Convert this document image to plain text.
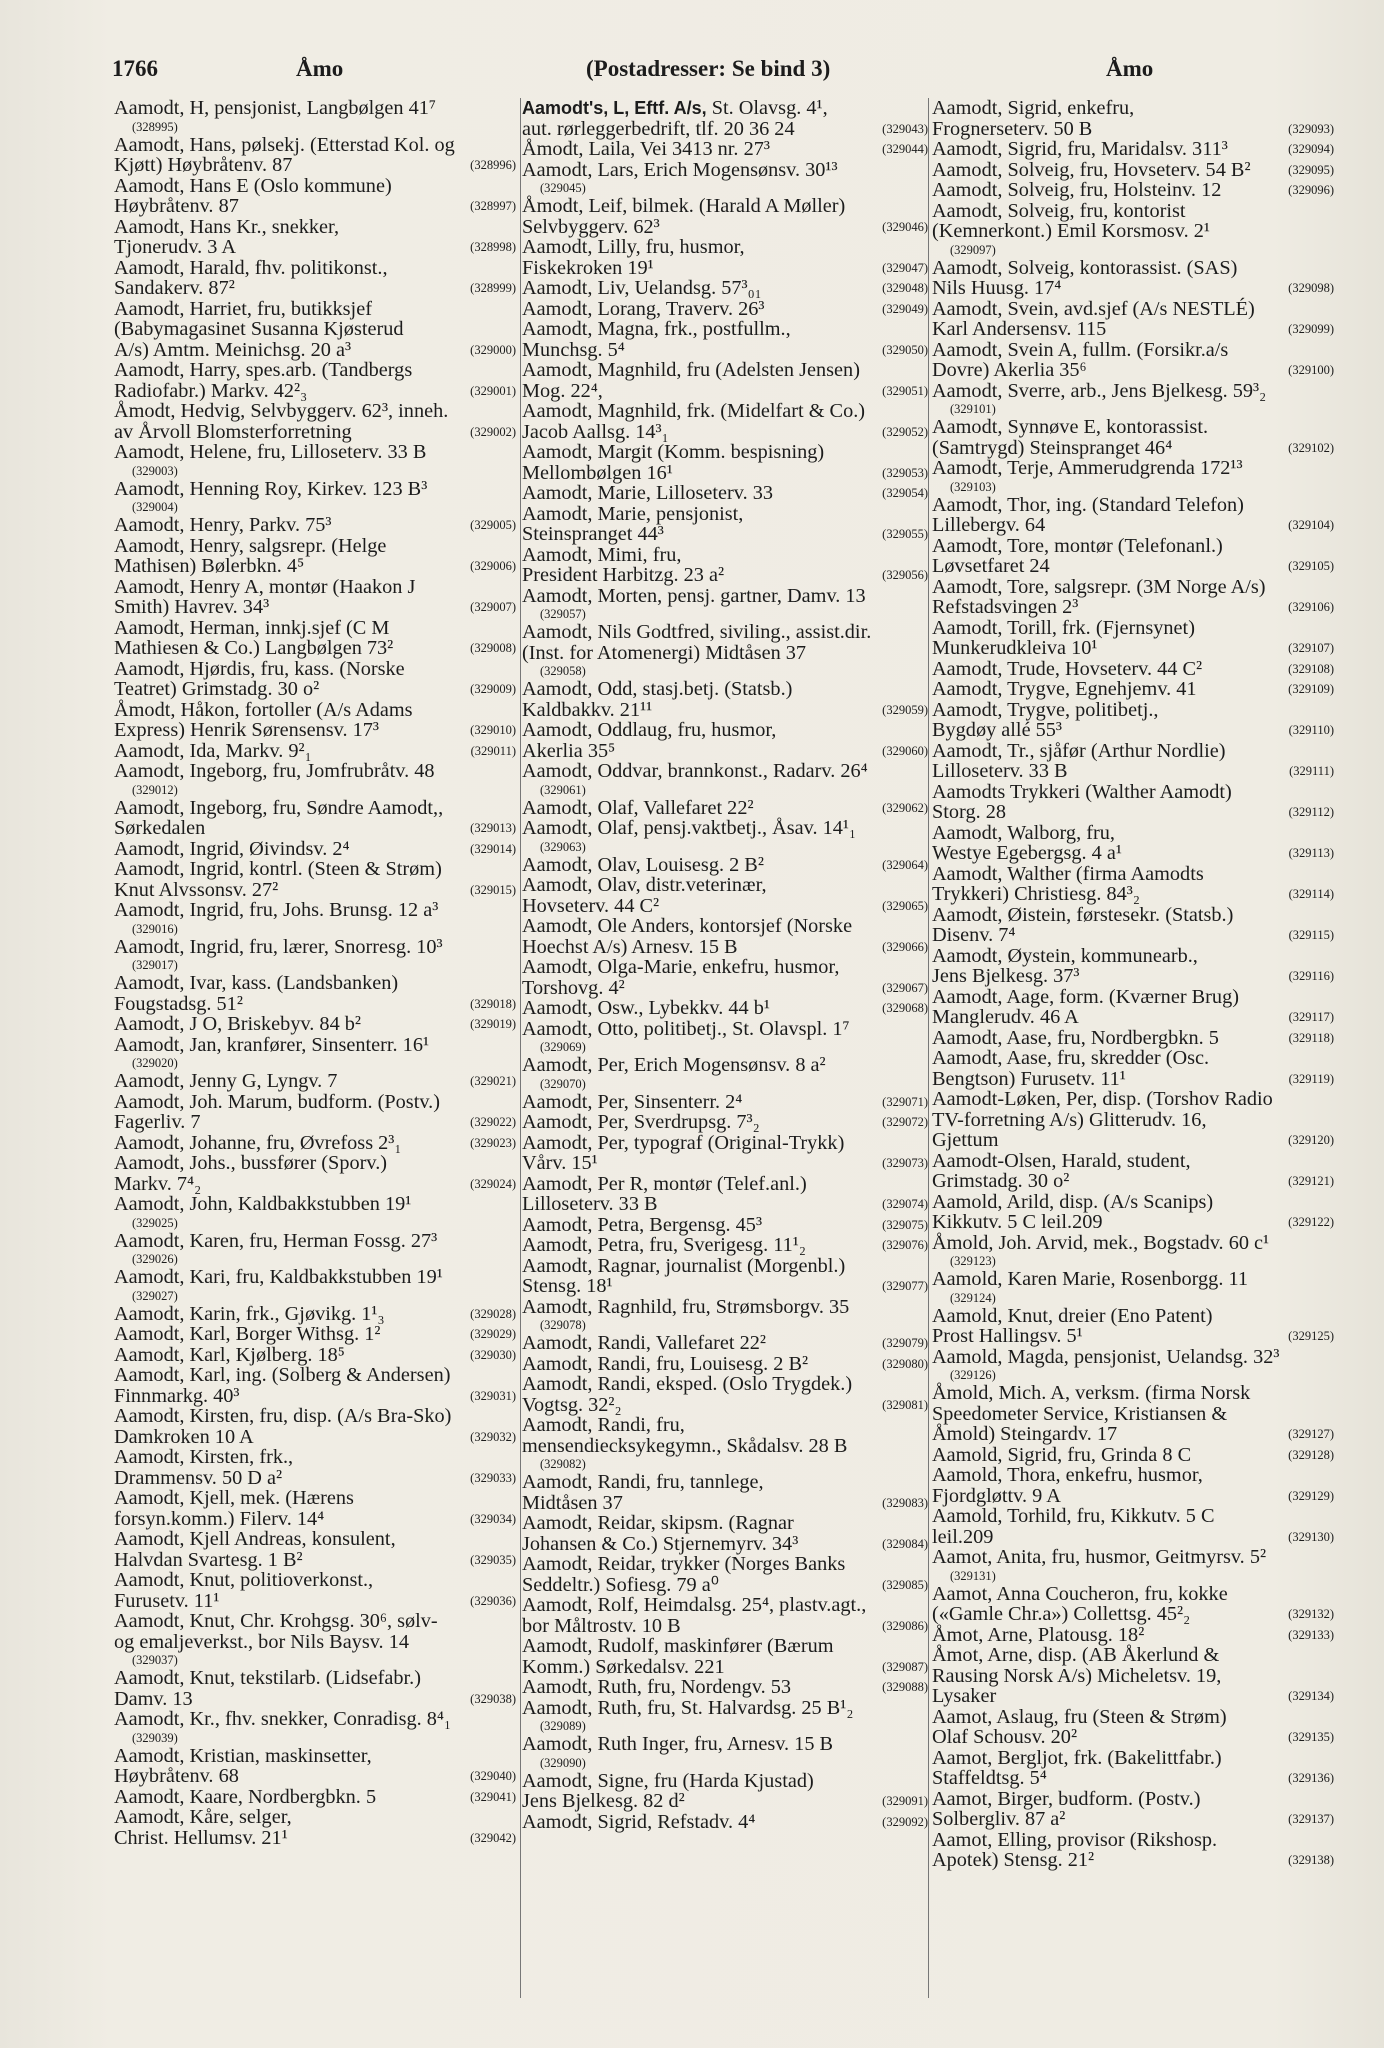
1766	Åmo	(Postadresser: Se bind 3)	Åmo
Aamodt, H, pensjonist, Langbølgen 41⁷
(328995)
Aamodt, Hans, pølsekj. (Etterstad Kol. og
Kjøtt) Høybråtenv. 87	(328996)
Aamodt, Hans E (Oslo kommune)
Høybråtenv. 87	(328997)
Aamodt, Hans Kr., snekker,
Tjonerudv. 3 A	(328998)
Aamodt, Harald, fhv. politikonst.,
Sandakerv. 87²	(328999)
Aamodt, Harriet, fru, butikksjef
(Babymagasinet Susanna Kjøsterud
A/s) Amtm. Meinichsg. 20 a³	(329000)
Aamodt, Harry, spes.arb. (Tandbergs
Radiofabr.) Markv. 42²₃	(329001)
Åmodt, Hedvig, Selvbyggerv. 62³, inneh.
av Årvoll Blomsterforretning	(329002)
Aamodt, Helene, fru, Lilloseterv. 33 B
(329003)
Aamodt, Henning Roy, Kirkev. 123 B³
(329004)
Aamodt, Henry, Parkv. 75³	(329005)
Aamodt, Henry, salgsrepr. (Helge
Mathisen) Bølerbkn. 4⁵	(329006)
Aamodt, Henry A, montør (Haakon J
Smith) Havrev. 34³	(329007)
Aamodt, Herman, innkj.sjef (C M
Mathiesen & Co.) Langbølgen 73²	(329008)
Aamodt, Hjørdis, fru, kass. (Norske
Teatret) Grimstadg. 30 o²	(329009)
Åmodt, Håkon, fortoller (A/s Adams
Express) Henrik Sørensensv. 17³	(329010)
Aamodt, Ida, Markv. 9²₁	(329011)
Aamodt, Ingeborg, fru, Jomfrubråtv. 48
(329012)
Aamodt, Ingeborg, fru, Søndre Aamodt,,
Sørkedalen	(329013)
Aamodt, Ingrid, Øivindsv. 2⁴	(329014)
Aamodt, Ingrid, kontrl. (Steen & Strøm)
Knut Alvssonsv. 27²	(329015)
Aamodt, Ingrid, fru, Johs. Brunsg. 12 a³
(329016)
Aamodt, Ingrid, fru, lærer, Snorresg. 10³
(329017)
Aamodt, Ivar, kass. (Landsbanken)
Fougstadsg. 51²	(329018)
Aamodt, J O, Briskebyv. 84 b²	(329019)
Aamodt, Jan, kranfører, Sinsenterr. 16¹
(329020)
Aamodt, Jenny G, Lyngv. 7	(329021)
Aamodt, Joh. Marum, budform. (Postv.)
Fagerliv. 7	(329022)
Aamodt, Johanne, fru, Øvrefoss 2³₁	(329023)
Aamodt, Johs., bussfører (Sporv.)
Markv. 7⁴₂	(329024)
Aamodt, John, Kaldbakkstubben 19¹
(329025)
Aamodt, Karen, fru, Herman Fossg. 27³
(329026)
Aamodt, Kari, fru, Kaldbakkstubben 19¹
(329027)
Aamodt, Karin, frk., Gjøvikg. 1¹₃	(329028)
Aamodt, Karl, Borger Withsg. 1²	(329029)
Aamodt, Karl, Kjølberg. 18⁵	(329030)
Aamodt, Karl, ing. (Solberg & Andersen)
Finnmarkg. 40³	(329031)
Aamodt, Kirsten, fru, disp. (A/s Bra-Sko)
Damkroken 10 A	(329032)
Aamodt, Kirsten, frk.,
Drammensv. 50 D a²	(329033)
Aamodt, Kjell, mek. (Hærens
forsyn.komm.) Filerv. 14⁴	(329034)
Aamodt, Kjell Andreas, konsulent,
Halvdan Svartesg. 1 B²	(329035)
Aamodt, Knut, politioverkonst.,
Furusetv. 11¹	(329036)
Aamodt, Knut, Chr. Krohgsg. 30⁶, sølv-
og emaljeverkst., bor Nils Baysv. 14
(329037)
Aamodt, Knut, tekstilarb. (Lidsefabr.)
Damv. 13	(329038)
Aamodt, Kr., fhv. snekker, Conradisg. 8⁴₁
(329039)
Aamodt, Kristian, maskinsetter,
Høybråtenv. 68	(329040)
Aamodt, Kaare, Nordbergbkn. 5	(329041)
Aamodt, Kåre, selger,
Christ. Hellumsv. 21¹	(329042)
Aamodt's, L, Eftf. A/s, St. Olavsg. 4¹,
aut. rørleggerbedrift, tlf. 20 36 24	(329043)
Åmodt, Laila, Vei 3413 nr. 27³	(329044)
Aamodt, Lars, Erich Mogensønsv. 30¹³
(329045)
Åmodt, Leif, bilmek. (Harald A Møller)
Selvbyggerv. 62³	(329046)
Aamodt, Lilly, fru, husmor,
Fiskekroken 19¹	(329047)
Aamodt, Liv, Uelandsg. 57³₀₁	(329048)
Aamodt, Lorang, Traverv. 26³	(329049)
Aamodt, Magna, frk., postfullm.,
Munchsg. 5⁴	(329050)
Aamodt, Magnhild, fru (Adelsten Jensen)
Mog. 22⁴,	(329051)
Aamodt, Magnhild, frk. (Midelfart & Co.)
Jacob Aallsg. 14³₁	(329052)
Aamodt, Margit (Komm. bespisning)
Mellombølgen 16¹	(329053)
Aamodt, Marie, Lilloseterv. 33	(329054)
Aamodt, Marie, pensjonist,
Steinspranget 44³	(329055)
Aamodt, Mimi, fru,
President Harbitzg. 23 a²	(329056)
Aamodt, Morten, pensj. gartner, Damv. 13
(329057)
Aamodt, Nils Godtfred, siviling., assist.dir.
(Inst. for Atomenergi) Midtåsen 37
(329058)
Aamodt, Odd, stasj.betj. (Statsb.)
Kaldbakkv. 21¹¹	(329059)
Aamodt, Oddlaug, fru, husmor,
Akerlia 35⁵	(329060)
Aamodt, Oddvar, brannkonst., Radarv. 26⁴
(329061)
Aamodt, Olaf, Vallefaret 22²	(329062)
Aamodt, Olaf, pensj.vaktbetj., Åsav. 14¹₁
(329063)
Aamodt, Olav, Louisesg. 2 B²	(329064)
Aamodt, Olav, distr.veterinær,
Hovseterv. 44 C²	(329065)
Aamodt, Ole Anders, kontorsjef (Norske
Hoechst A/s) Arnesv. 15 B	(329066)
Aamodt, Olga-Marie, enkefru, husmor,
Torshovg. 4²	(329067)
Aamodt, Osw., Lybekkv. 44 b¹	(329068)
Aamodt, Otto, politibetj., St. Olavspl. 1⁷
(329069)
Aamodt, Per, Erich Mogensønsv. 8 a²
(329070)
Aamodt, Per, Sinsenterr. 2⁴	(329071)
Aamodt, Per, Sverdrupsg. 7³₂	(329072)
Aamodt, Per, typograf (Original-Trykk)
Vårv. 15¹	(329073)
Aamodt, Per R, montør (Telef.anl.)
Lilloseterv. 33 B	(329074)
Aamodt, Petra, Bergensg. 45³	(329075)
Aamodt, Petra, fru, Sverigesg. 11¹₂	(329076)
Aamodt, Ragnar, journalist (Morgenbl.)
Stensg. 18¹	(329077)
Aamodt, Ragnhild, fru, Strømsborgv. 35
(329078)
Aamodt, Randi, Vallefaret 22²	(329079)
Aamodt, Randi, fru, Louisesg. 2 B²	(329080)
Aamodt, Randi, eksped. (Oslo Trygdek.)
Vogtsg. 32²₂	(329081)
Aamodt, Randi, fru,
mensendiecksykegymn., Skådalsv. 28 B
(329082)
Aamodt, Randi, fru, tannlege,
Midtåsen 37	(329083)
Aamodt, Reidar, skipsm. (Ragnar
Johansen & Co.) Stjernemyrv. 34³	(329084)
Aamodt, Reidar, trykker (Norges Banks
Seddeltr.) Sofiesg. 79 a⁰	(329085)
Aamodt, Rolf, Heimdalsg. 25⁴, plastv.agt.,
bor Måltrostv. 10 B	(329086)
Aamodt, Rudolf, maskinfører (Bærum
Komm.) Sørkedalsv. 221	(329087)
Aamodt, Ruth, fru, Nordengv. 53	(329088)
Aamodt, Ruth, fru, St. Halvardsg. 25 B¹₂
(329089)
Aamodt, Ruth Inger, fru, Arnesv. 15 B
(329090)
Aamodt, Signe, fru (Harda Kjustad)
Jens Bjelkesg. 82 d²	(329091)
Aamodt, Sigrid, Refstadv. 4⁴	(329092)
Aamodt, Sigrid, enkefru,
Frognerseterv. 50 B	(329093)
Aamodt, Sigrid, fru, Maridalsv. 311³	(329094)
Aamodt, Solveig, fru, Hovseterv. 54 B²	(329095)
Aamodt, Solveig, fru, Holsteinv. 12	(329096)
Aamodt, Solveig, fru, kontorist
(Kemnerkont.) Emil Korsmosv. 2¹
(329097)
Aamodt, Solveig, kontorassist. (SAS)
Nils Huusg. 17⁴	(329098)
Aamodt, Svein, avd.sjef (A/s NESTLÉ)
Karl Andersensv. 115	(329099)
Aamodt, Svein A, fullm. (Forsikr.a/s
Dovre) Akerlia 35⁶	(329100)
Aamodt, Sverre, arb., Jens Bjelkesg. 59³₂
(329101)
Aamodt, Synnøve E, kontorassist.
(Samtrygd) Steinspranget 46⁴	(329102)
Aamodt, Terje, Ammerudgrenda 172¹³
(329103)
Aamodt, Thor, ing. (Standard Telefon)
Lillebergv. 64	(329104)
Aamodt, Tore, montør (Telefonanl.)
Løvsetfaret 24	(329105)
Aamodt, Tore, salgsrepr. (3M Norge A/s)
Refstadsvingen 2³	(329106)
Aamodt, Torill, frk. (Fjernsynet)
Munkerudkleiva 10¹	(329107)
Aamodt, Trude, Hovseterv. 44 C²	(329108)
Aamodt, Trygve, Egnehjemv. 41	(329109)
Aamodt, Trygve, politibetj.,
Bygdøy allé 55³	(329110)
Aamodt, Tr., sjåfør (Arthur Nordlie)
Lilloseterv. 33 B	(329111)
Aamodts Trykkeri (Walther Aamodt)
Storg. 28	(329112)
Aamodt, Walborg, fru,
Westye Egebergsg. 4 a¹	(329113)
Aamodt, Walther (firma Aamodts
Trykkeri) Christiesg. 84³₂	(329114)
Aamodt, Øistein, førstesekr. (Statsb.)
Disenv. 7⁴	(329115)
Aamodt, Øystein, kommunearb.,
Jens Bjelkesg. 37³	(329116)
Aamodt, Aage, form. (Kværner Brug)
Manglerudv. 46 A	(329117)
Aamodt, Aase, fru, Nordbergbkn. 5	(329118)
Aamodt, Aase, fru, skredder (Osc.
Bengtson) Furusetv. 11¹	(329119)
Aamodt-Løken, Per, disp. (Torshov Radio
TV-forretning A/s) Glitterudv. 16,
Gjettum	(329120)
Aamodt-Olsen, Harald, student,
Grimstadg. 30 o²	(329121)
Aamold, Arild, disp. (A/s Scanips)
Kikkutv. 5 C leil.209	(329122)
Åmold, Joh. Arvid, mek., Bogstadv. 60 c¹
(329123)
Aamold, Karen Marie, Rosenborgg. 11
(329124)
Aamold, Knut, dreier (Eno Patent)
Prost Hallingsv. 5¹	(329125)
Aamold, Magda, pensjonist, Uelandsg. 32³
(329126)
Åmold, Mich. A, verksm. (firma Norsk
Speedometer Service, Kristiansen &
Åmold) Steingardv. 17	(329127)
Aamold, Sigrid, fru, Grinda 8 C	(329128)
Aamold, Thora, enkefru, husmor,
Fjordgløttv. 9 A	(329129)
Aamold, Torhild, fru, Kikkutv. 5 C
leil.209	(329130)
Aamot, Anita, fru, husmor, Geitmyrsv. 5²
(329131)
Aamot, Anna Coucheron, fru, kokke
(«Gamle Chr.a») Collettsg. 45²₂	(329132)
Åmot, Arne, Platousg. 18²	(329133)
Åmot, Arne, disp. (AB Åkerlund &
Rausing Norsk A/s) Micheletsv. 19,
Lysaker	(329134)
Aamot, Aslaug, fru (Steen & Strøm)
Olaf Schousv. 20²	(329135)
Aamot, Bergljot, frk. (Bakelittfabr.)
Staffeldtsg. 5⁴	(329136)
Aamot, Birger, budform. (Postv.)
Solbergliv. 87 a²	(329137)
Aamot, Elling, provisor (Rikshosp.
Apotek) Stensg. 21²	(329138)
